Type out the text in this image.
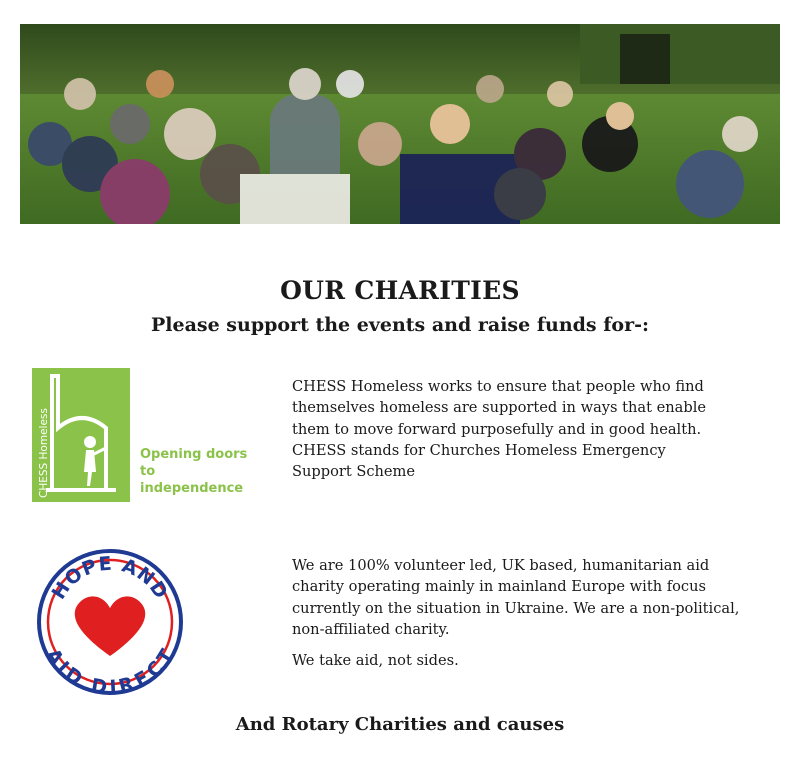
OUR CHARITIES
Please support the events and raise funds for-:
CHESS Homeless	Opening doors
to independence
CHESS Homeless works to ensure that people who find
themselves homeless are supported in ways that enable
them to move forward purposefully and in good health.
CHESS stands for Churches Homeless Emergency
Support Scheme
HOPE AND
AID DIRECT

We are 100% volunteer led, UK based, humanitarian aid
charity operating mainly in mainland Europe with focus
currently on the situation in Ukraine. We are a non-political,
non-affiliated charity.

We take aid, not sides.

And Rotary Charities and causes
